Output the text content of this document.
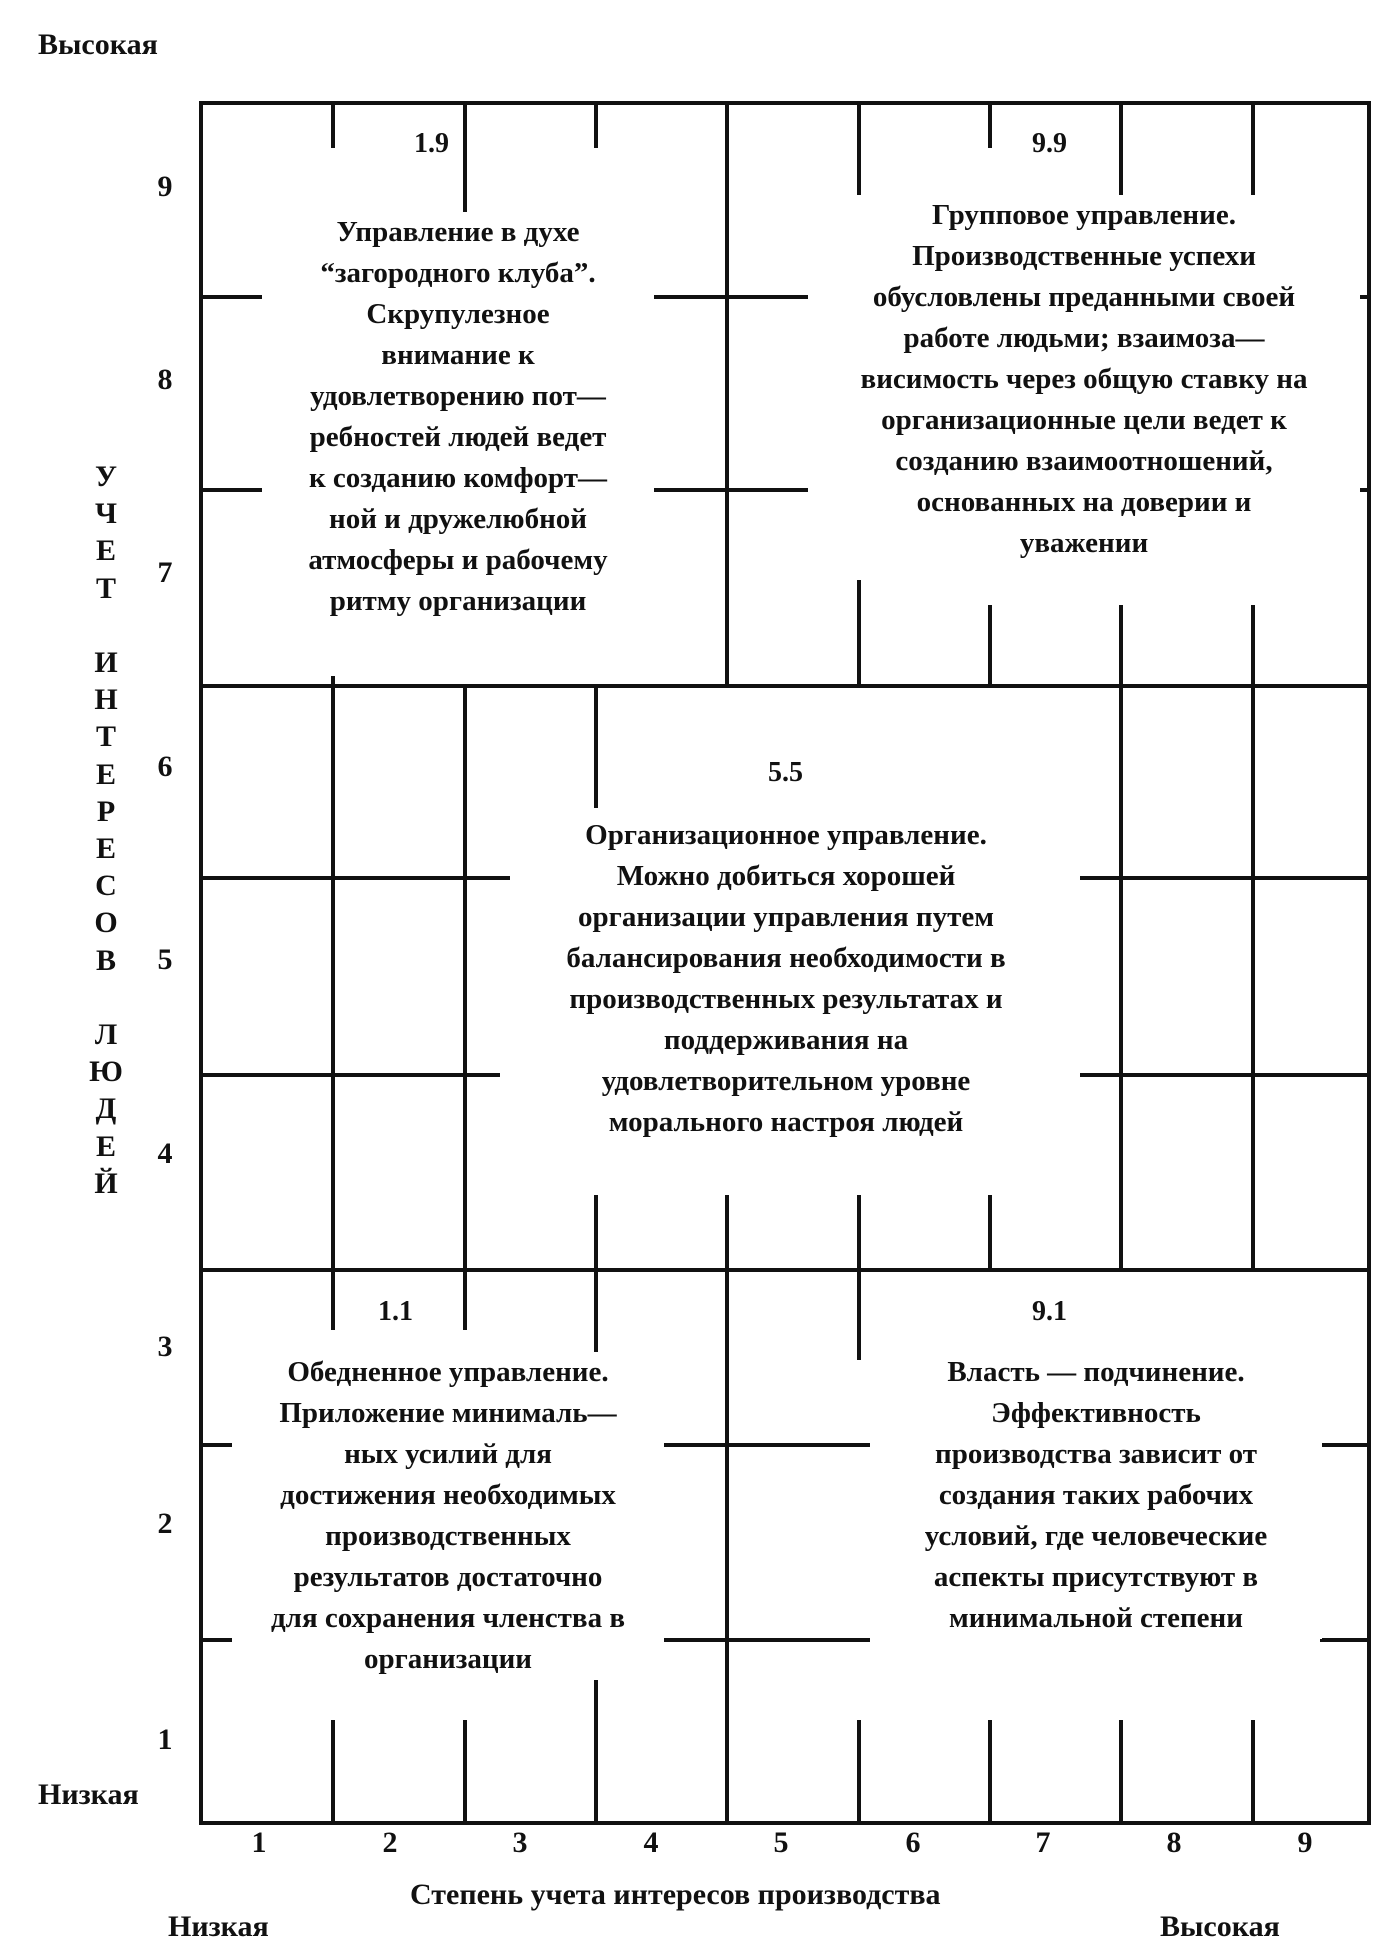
Высокая
Низкая
У
Ч
Е
Т

И
Н
Т
Е
Р
Е
С
О
В

Л
Ю
Д
Е
Й
9
8
7
6
5
4
3
2
1
1	2	3	4	5	6	7	8	9
Степень учета интересов производства
Низкая	Высокая
1.9	9.9
5.5
1.1	9.1
Управление в духе
“загородного клуба”.
Скрупулезное
внимание к
удовлетворению пот—
ребностей людей ведет
к созданию комфорт—
ной и дружелюбной
атмосферы и рабочему
ритму организации
Групповое управление.
Производственные успехи
обусловлены преданными своей
работе людьми; взаимоза—
висимость через общую ставку на
организационные цели ведет к
созданию взаимоотношений,
основанных на доверии и
уважении
Организационное управление.
Можно добиться хорошей
организации управления путем
балансирования необходимости в
производственных результатах и
поддерживания на
удовлетворительном уровне
морального настроя людей
Обедненное управление.
Приложение минималь—
ных усилий для
достижения необходимых
производственных
результатов достаточно
для сохранения членства в
организации
Власть — подчинение.
Эффективность
производства зависит от
создания таких рабочих
условий, где человеческие
аспекты присутствуют в
минимальной степени
